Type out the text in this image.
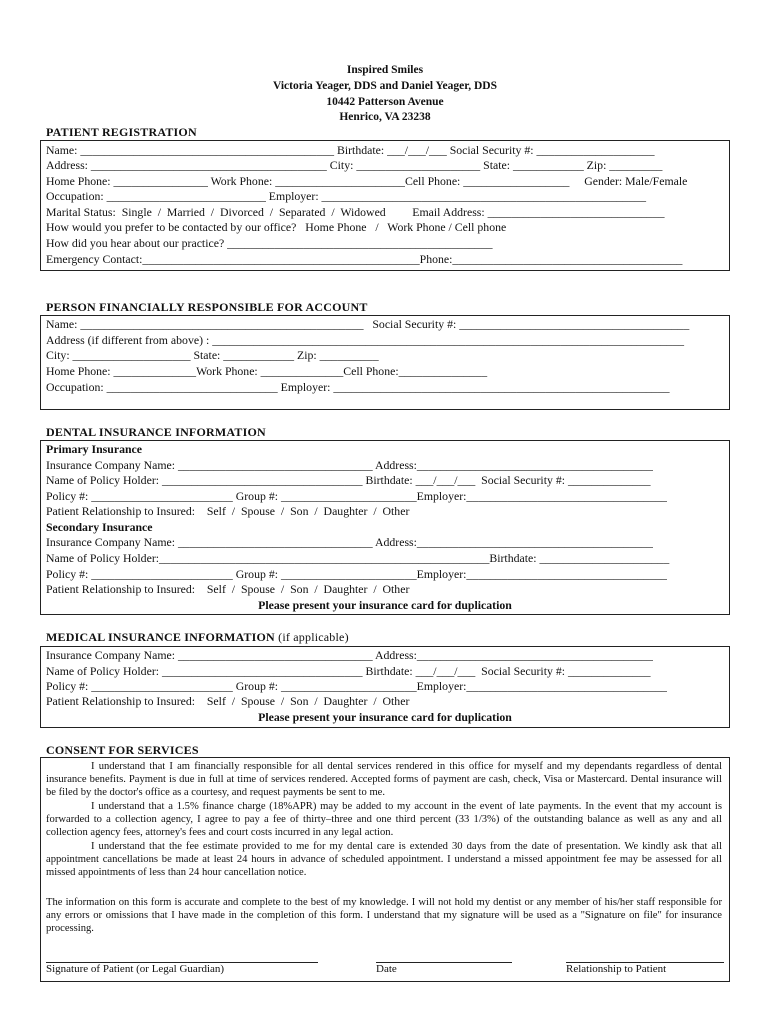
Inspired Smiles
Victoria Yeager, DDS and Daniel Yeager, DDS
10442 Patterson Avenue
Henrico, VA 23238
PATIENT REGISTRATION
Name: ___________________________________________ Birthdate: ___/___/___ Social Security #: ____________________
Address: ________________________________________ City: _____________________ State: ____________ Zip: _________
Home Phone: ________________ Work Phone: ______________________Cell Phone: __________________     Gender: Male/Female
Occupation: ___________________________ Employer: _______________________________________________________
Marital Status:  Single  /  Married  /  Divorced  /  Separated  /  Widowed         Email Address: ______________________________
How would you prefer to be contacted by our office?   Home Phone   /   Work Phone / Cell phone
How did you hear about our practice? _____________________________________________
Emergency Contact:_______________________________________________Phone:_______________________________________
PERSON FINANCIALLY RESPONSIBLE FOR ACCOUNT
Name: ________________________________________________   Social Security #: _______________________________________
Address (if different from above) : ________________________________________________________________________________
City: ____________________ State: ____________ Zip: __________
Home Phone: ______________Work Phone: ______________Cell Phone:_______________
Occupation: _____________________________ Employer: _________________________________________________________
DENTAL INSURANCE INFORMATION
Primary Insurance
Insurance Company Name: _________________________________ Address:________________________________________
Name of Policy Holder: __________________________________ Birthdate: ___/___/___  Social Security #: ______________
Policy #: ________________________ Group #: _______________________Employer:__________________________________
Patient Relationship to Insured:    Self  /  Spouse  /  Son  /  Daughter  /  Other
Secondary Insurance
Insurance Company Name: _________________________________ Address:________________________________________
Name of Policy Holder:________________________________________________________Birthdate: ______________________
Policy #: ________________________ Group #: _______________________Employer:__________________________________
Patient Relationship to Insured:    Self  /  Spouse  /  Son  /  Daughter  /  Other
Please present your insurance card for duplication
MEDICAL INSURANCE INFORMATION (if applicable)
Insurance Company Name: _________________________________ Address:________________________________________
Name of Policy Holder: __________________________________ Birthdate: ___/___/___  Social Security #: ______________
Policy #: ________________________ Group #: _______________________Employer:__________________________________
Patient Relationship to Insured:    Self  /  Spouse  /  Son  /  Daughter  /  Other
Please present your insurance card for duplication
CONSENT FOR SERVICES
I understand that I am financially responsible for all dental services rendered in this office for myself and my dependants regardless of dental insurance benefits. Payment is due in full at time of services rendered. Accepted forms of payment are cash, check, Visa or Mastercard. Dental insurance will be filed by the doctor's office as a courtesy, and request payments be sent to me.
I understand that a 1.5% finance charge (18%APR) may be added to my account in the event of late payments. In the event that my account is forwarded to a collection agency, I agree to pay a fee of thirty–three and one third percent (33 1/3%) of the outstanding balance as well as any and all collection agency fees, attorney's fees and court costs incurred in any legal action.
I understand that the fee estimate provided to me for my dental care is extended 30 days from the date of presentation. We kindly ask that all appointment cancellations be made at least 24 hours in advance of scheduled appointment. I understand a missed appointment fee may be assessed for all missed appointments of less than 24 hour cancellation notice.
The information on this form is accurate and complete to the best of my knowledge. I will not hold my dentist or any member of his/her staff responsible for any errors or omissions that I have made in the completion of this form. I understand that my signature will be used as a "Signature on file" for insurance processing.
Signature of Patient (or Legal Guardian)	Date	Relationship to Patient
